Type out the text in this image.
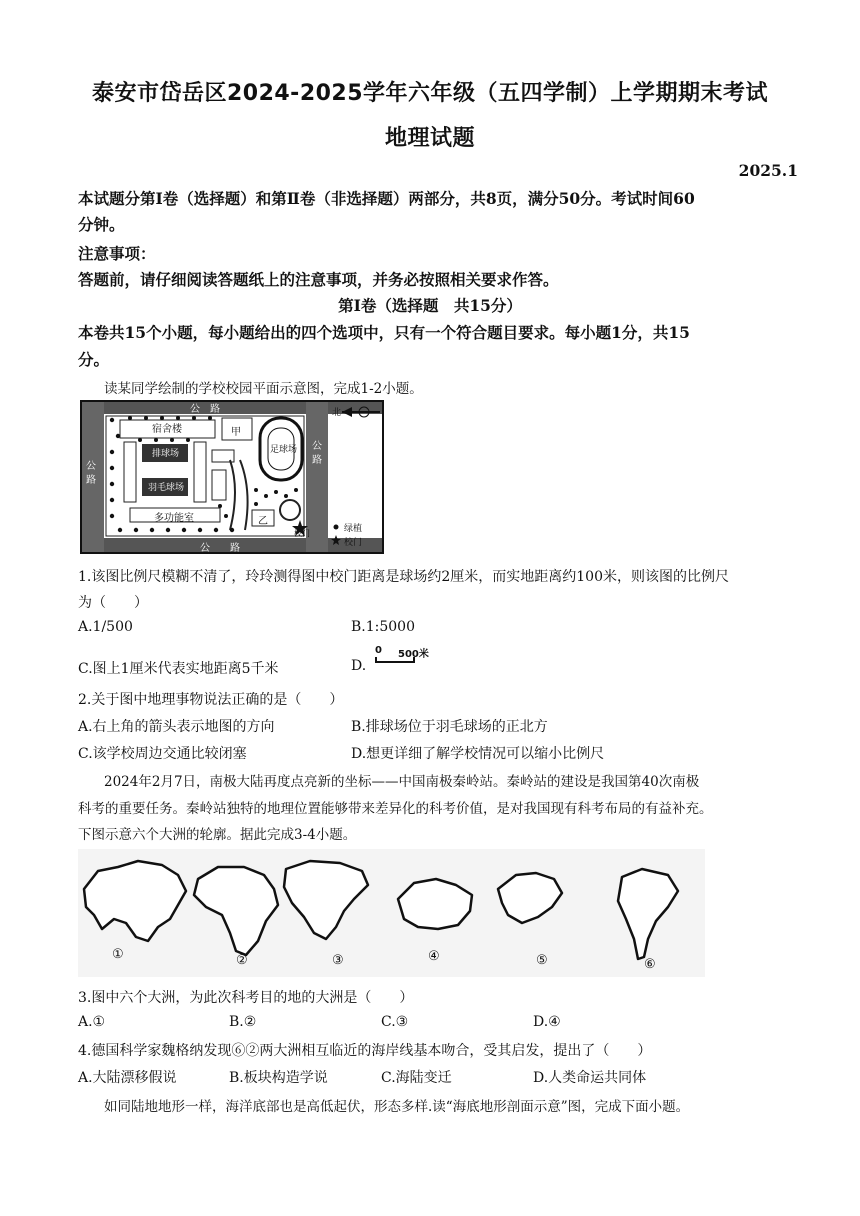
泰安市岱岳区2024-2025学年六年级（五四学制）上学期期末考试
地理试题
2025.1
本试题分第Ⅰ卷（选择题）和第Ⅱ卷（非选择题）两部分，共8页，满分50分。考试时间60
分钟。
注意事项：
答题前，请仔细阅读答题纸上的注意事项，并务必按照相关要求作答。
第Ⅰ卷（选择题　共15分）
本卷共15个小题，每小题给出的四个选项中，只有一个符合题目要求。每小题1分，共15
分。
读某同学绘制的学校校园平面示意图，完成1-2小题。
宿舍楼	甲
足球场
排球场
羽毛球场
多功能室	乙
公　路
公路
公路
公　　路
北
绿植
校门
校门
1.该图比例尺模糊不清了，玲玲测得图中校门距离是球场约2厘米，而实地距离约100米，则该图的比例尺
为（　　）
A.1/500	B.1:5000
C.图上1厘米代表实地距离5千米	D.
0 500米
2.关于图中地理事物说法正确的是（　　）
A.右上角的箭头表示地图的方向	B.排球场位于羽毛球场的正北方
C.该学校周边交通比较闭塞	D.想更详细了解学校情况可以缩小比例尺
2024年2月7日，南极大陆再度点亮新的坐标——中国南极秦岭站。秦岭站的建设是我国第40次南极
科考的重要任务。秦岭站独特的地理位置能够带来差异化的科考价值，是对我国现有科考布局的有益补充。
下图示意六个大洲的轮廓。据此完成3-4小题。
①	②	③	④	⑤	⑥
3.图中六个大洲，为此次科考目的地的大洲是（　　）
A.①	B.②	C.③	D.④
4.德国科学家魏格纳发现⑥②两大洲相互临近的海岸线基本吻合，受其启发，提出了（　　）
A.大陆漂移假说	B.板块构造学说	C.海陆变迁	D.人类命运共同体
如同陆地地形一样，海洋底部也是高低起伏，形态多样.读“海底地形剖面示意”图，完成下面小题。
